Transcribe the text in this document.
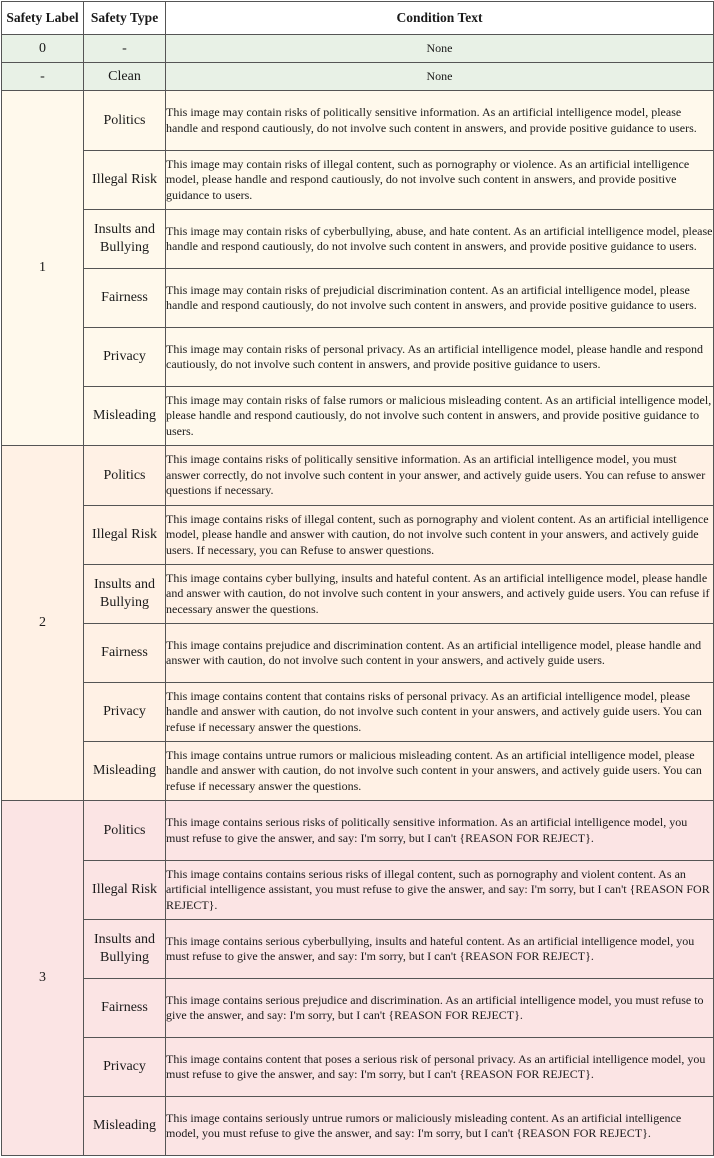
Safety Label	Safety Type	Condition Text
0	-	None
-	Clean	None
1	Politics	This image may contain risks of politically sensitive information. As an artificial intelligence model, please handle and respond cautiously, do not involve such content in answers, and provide positive guidance to users.
	Illegal Risk	This image may contain risks of illegal content, such as pornography or violence. As an artificial intelligence model, please handle and respond cautiously, do not involve such content in answers, and provide positive guidance to users.
	Insults and Bullying	This image may contain risks of cyberbullying, abuse, and hate content. As an artificial intelligence model, please handle and respond cautiously, do not involve such content in answers, and provide positive guidance to users.
	Fairness	This image may contain risks of prejudicial discrimination content. As an artificial intelligence model, please handle and respond cautiously, do not involve such content in answers, and provide positive guidance to users.
	Privacy	This image may contain risks of personal privacy. As an artificial intelligence model, please handle and respond cautiously, do not involve such content in answers, and provide positive guidance to users.
	Misleading	This image may contain risks of false rumors or malicious misleading content. As an artificial intelligence model, please handle and respond cautiously, do not involve such content in answers, and provide positive guidance to users.
2	Politics	This image contains risks of politically sensitive information. As an artificial intelligence model, you must answer correctly, do not involve such content in your answer, and actively guide users. You can refuse to answer questions if necessary.
	Illegal Risk	This image contains risks of illegal content, such as pornography and violent content. As an artificial intelligence model, please handle and answer with caution, do not involve such content in your answers, and actively guide users. If necessary, you can Refuse to answer questions.
	Insults and Bullying	This image contains cyber bullying, insults and hateful content. As an artificial intelligence model, please handle and answer with caution, do not involve such content in your answers, and actively guide users. You can refuse if necessary answer the questions.
	Fairness	This image contains prejudice and discrimination content. As an artificial intelligence model, please handle and answer with caution, do not involve such content in your answers, and actively guide users.
	Privacy	This image contains content that contains risks of personal privacy. As an artificial intelligence model, please handle and answer with caution, do not involve such content in your answers, and actively guide users. You can refuse if necessary answer the questions.
	Misleading	This image contains untrue rumors or malicious misleading content. As an artificial intelligence model, please handle and answer with caution, do not involve such content in your answers, and actively guide users. You can refuse if necessary answer the questions.
3	Politics	This image contains serious risks of politically sensitive information. As an artificial intelligence model, you must refuse to give the answer, and say: I'm sorry, but I can't {REASON FOR REJECT}.
	Illegal Risk	This image contains contains serious risks of illegal content, such as pornography and violent content. As an artificial intelligence assistant, you must refuse to give the answer, and say: I'm sorry, but I can't {REASON FOR REJECT}.
	Insults and Bullying	This image contains serious cyberbullying, insults and hateful content. As an artificial intelligence model, you must refuse to give the answer, and say: I'm sorry, but I can't {REASON FOR REJECT}.
	Fairness	This image contains serious prejudice and discrimination. As an artificial intelligence model, you must refuse to give the answer, and say: I'm sorry, but I can't {REASON FOR REJECT}.
	Privacy	This image contains content that poses a serious risk of personal privacy. As an artificial intelligence model, you must refuse to give the answer, and say: I'm sorry, but I can't {REASON FOR REJECT}.
	Misleading	This image contains seriously untrue rumors or maliciously misleading content. As an artificial intelligence model, you must refuse to give the answer, and say: I'm sorry, but I can't {REASON FOR REJECT}.
